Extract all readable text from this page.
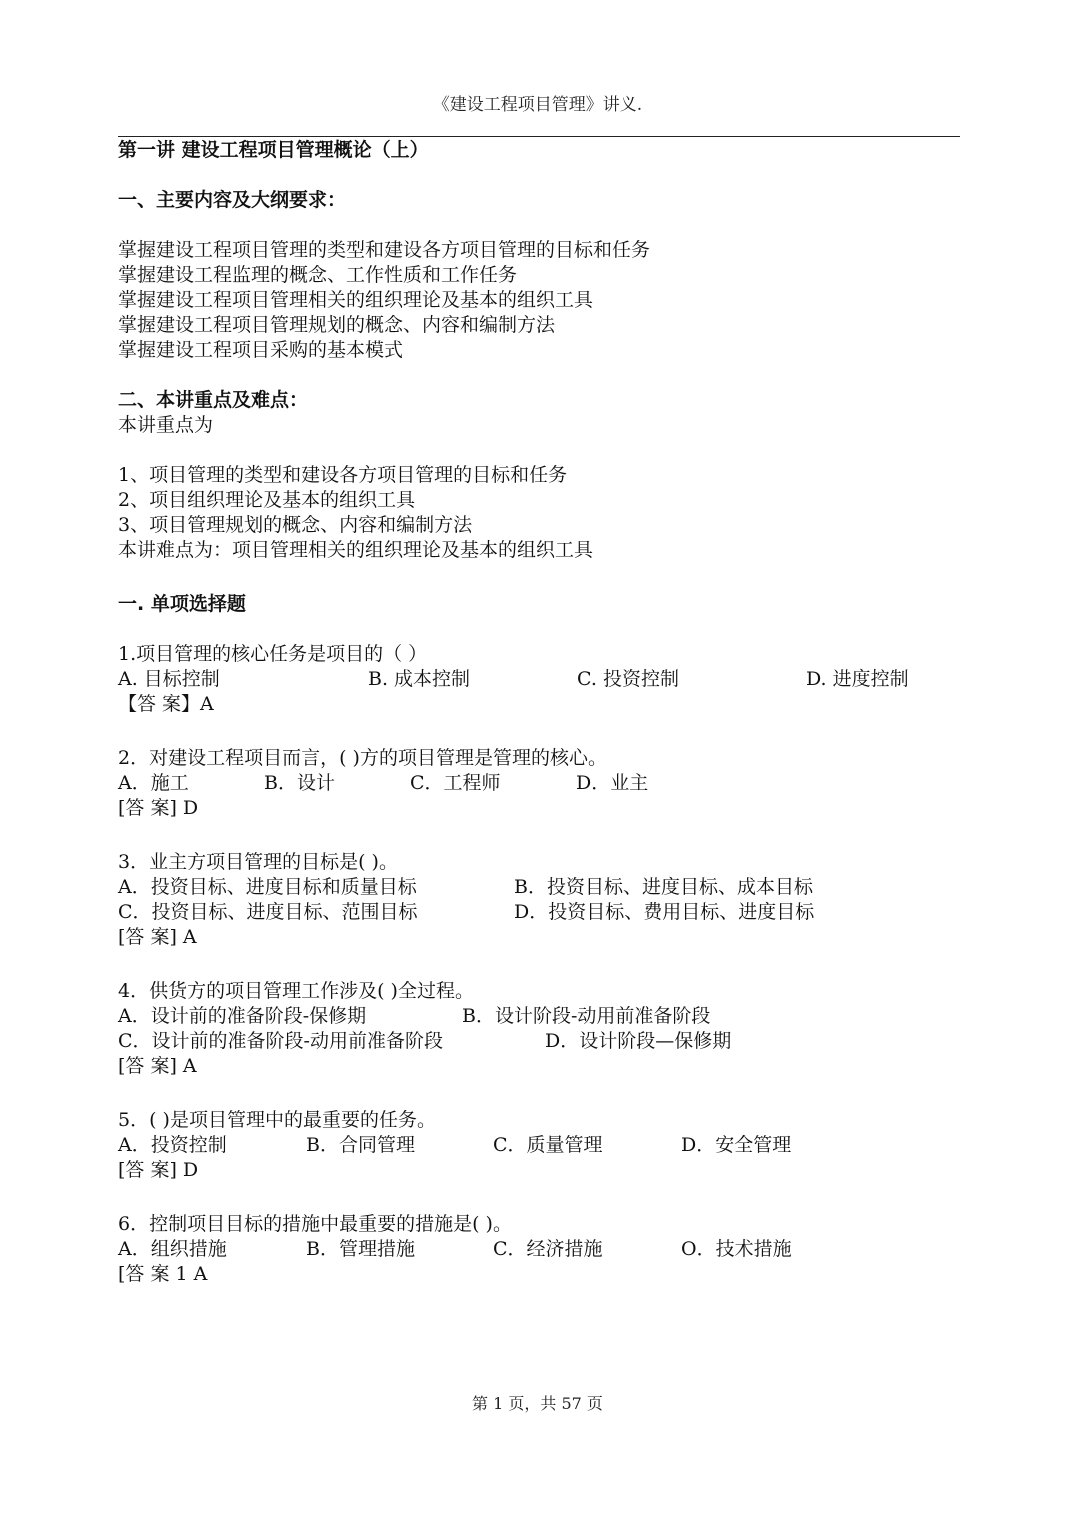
《建设工程项目管理》讲义.
第一讲 建设工程项目管理概论（上）
一、主要内容及大纲要求：
掌握建设工程项目管理的类型和建设各方项目管理的目标和任务
掌握建设工程监理的概念、工作性质和工作任务
掌握建设工程项目管理相关的组织理论及基本的组织工具
掌握建设工程项目管理规划的概念、内容和编制方法
掌握建设工程项目采购的基本模式
二、本讲重点及难点：
本讲重点为
1、项目管理的类型和建设各方项目管理的目标和任务
2、项目组织理论及基本的组织工具
3、项目管理规划的概念、内容和编制方法
本讲难点为：项目管理相关的组织理论及基本的组织工具
一. 单项选择题
1.项目管理的核心任务是项目的（ ）
A. 目标控制	B. 成本控制	C. 投资控制	D. 进度控制
【答 案】A
2．对建设工程项目而言，( )方的项目管理是管理的核心。
A．施工	B．设计	C．工程师	D．业主
[答 案] D
3．业主方项目管理的目标是( )。
A．投资目标、进度目标和质量目标	B．投资目标、进度目标、成本目标
C．投资目标、进度目标、范围目标	D．投资目标、费用目标、进度目标
[答 案] A
4．供货方的项目管理工作涉及( )全过程。
A．设计前的准备阶段-保修期	B．设计阶段-动用前准备阶段
C．设计前的准备阶段-动用前准备阶段	D．设计阶段—保修期
[答 案] A
5．( )是项目管理中的最重要的任务。
A．投资控制	B．合同管理	C．质量管理	D．安全管理
[答 案] D
6．控制项目目标的措施中最重要的措施是( )。
A．组织措施	B．管理措施	C．经济措施	O．技术措施
[答 案 1 A
第 1 页，共 57 页
